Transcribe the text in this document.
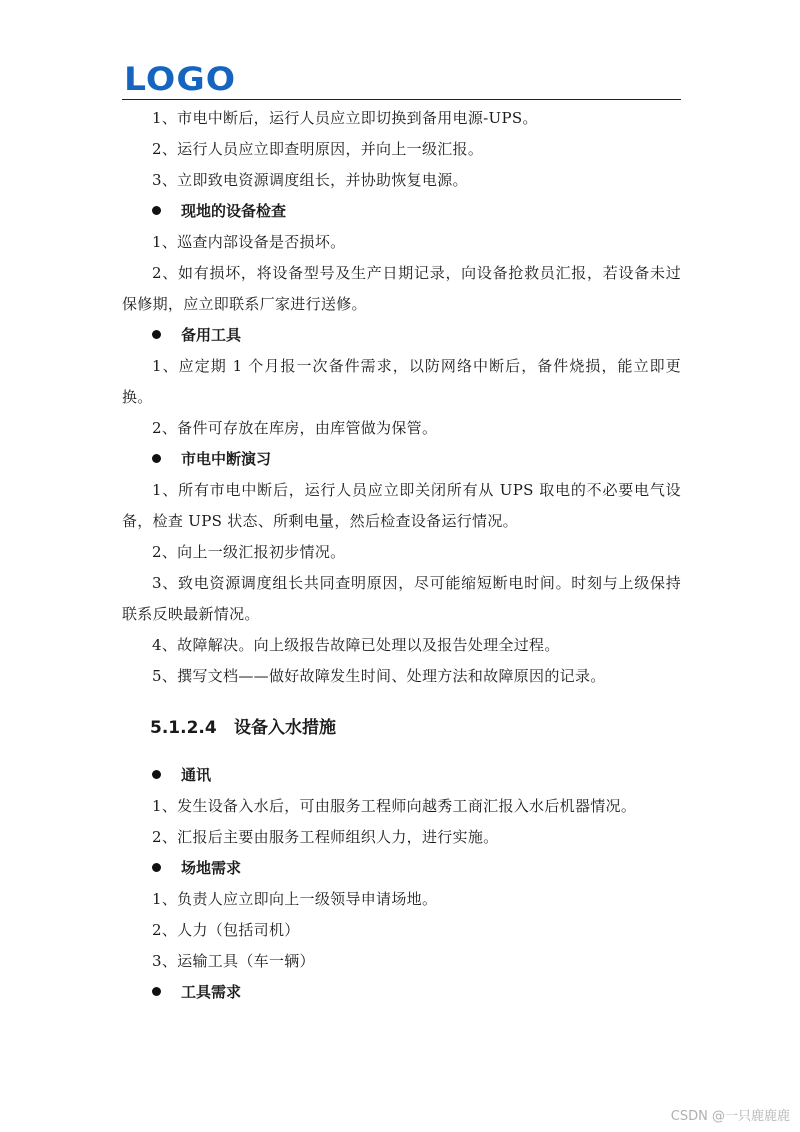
LOGO

1、市电中断后，运行人员应立即切换到备用电源-UPS。

2、运行人员应立即查明原因，并向上一级汇报。

3、立即致电资源调度组长，并协助恢复电源。

现地的设备检查

1、巡查内部设备是否损坏。

2、如有损坏，将设备型号及生产日期记录，向设备抢救员汇报，若设备未过保修期，应立即联系厂家进行送修。

备用工具

1、应定期 1 个月报一次备件需求，以防网络中断后，备件烧损，能立即更换。

2、备件可存放在库房，由库管做为保管。

市电中断演习

1、所有市电中断后，运行人员应立即关闭所有从 UPS 取电的不必要电气设备，检查 UPS 状态、所剩电量，然后检查设备运行情况。

2、向上一级汇报初步情况。

3、致电资源调度组长共同查明原因，尽可能缩短断电时间。时刻与上级保持联系反映最新情况。

4、故障解决。向上级报告故障已处理以及报告处理全过程。

5、撰写文档——做好故障发生时间、处理方法和故障原因的记录。

5.1.2.4 设备入水措施

通讯

1、发生设备入水后，可由服务工程师向越秀工商汇报入水后机器情况。

2、汇报后主要由服务工程师组织人力，进行实施。

场地需求

1、负责人应立即向上一级领导申请场地。

2、人力（包括司机）

3、运输工具（车一辆）

工具需求

CSDN @一只鹿鹿鹿
